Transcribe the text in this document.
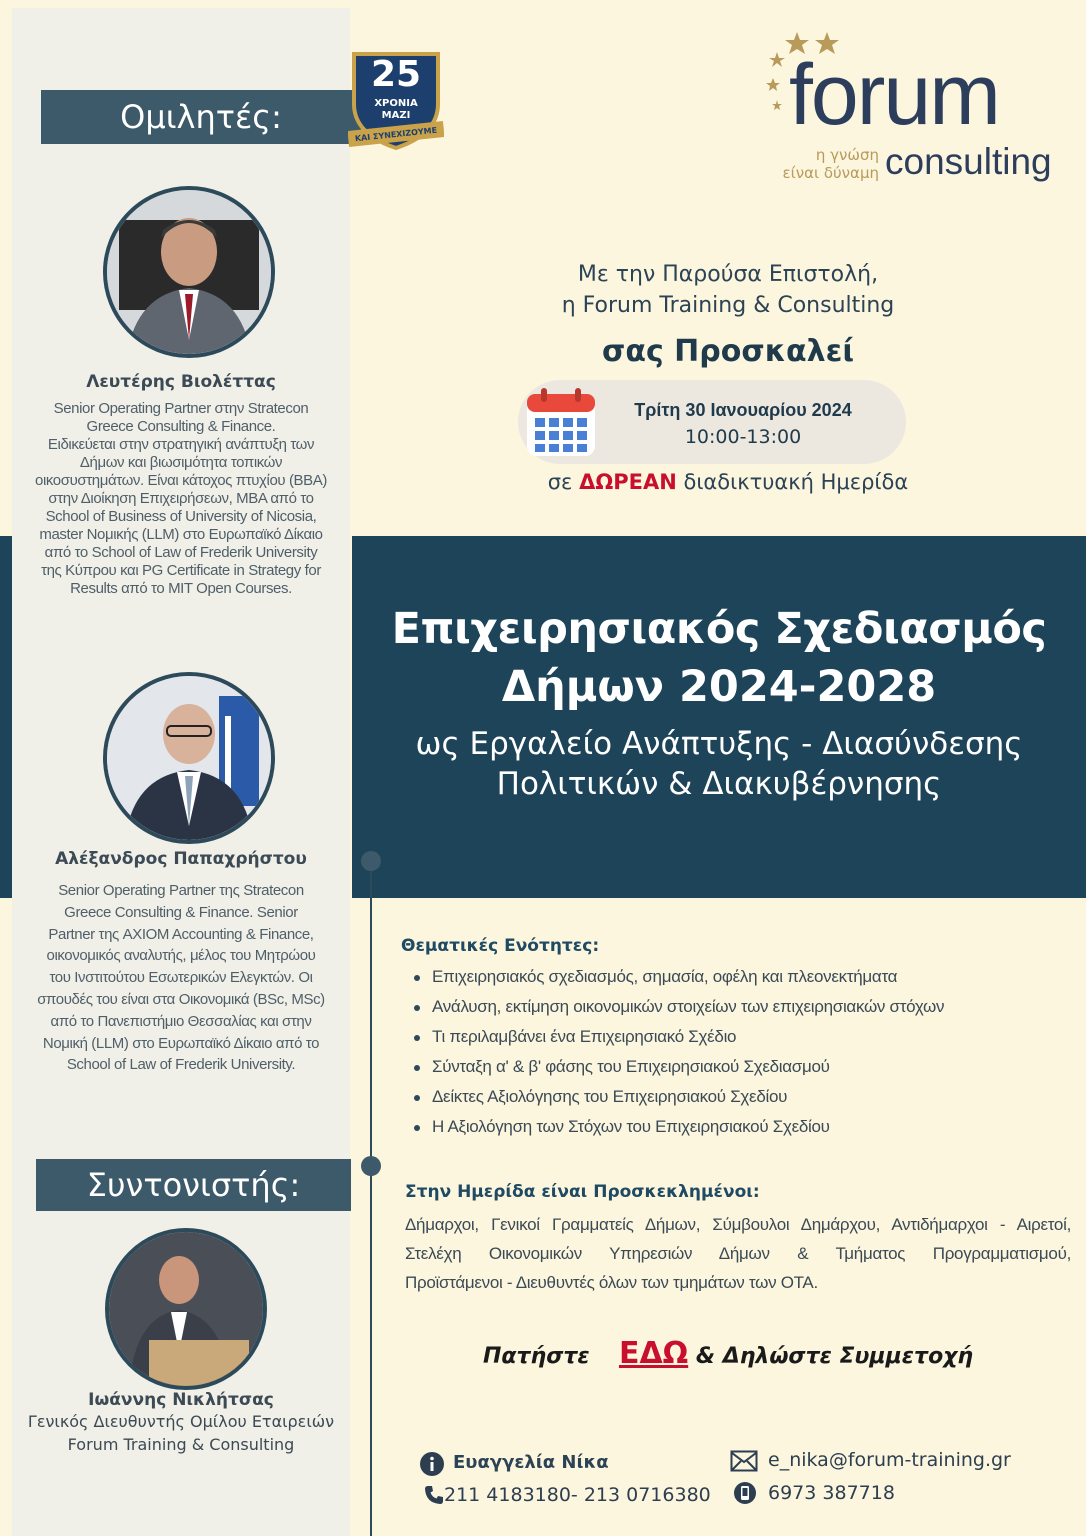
Ομιλητές:
25
ΧΡΟΝΙΑ
ΜΑΖΙ
ΚΑΙ ΣΥΝΕΧΙΖΟΥΜΕ
Λευτέρης Βιολέττας
Senior Operating Partner στην Stratecon
Greece Consulting & Finance.
Ειδικεύεται στην στρατηγική ανάπτυξη των
Δήμων και βιωσιμότητα τοπικών
οικοσυστημάτων. Είναι κάτοχος πτυχίου (BBA)
στην Διοίκηση Επιχειρήσεων, MBA από το
School of Business of University of Nicosia,
master Νομικής (LLM) στο Ευρωπαϊκό Δίκαιο
από το School of Law of Frederik University
της Κύπρου και PG Certificate in Strategy for
Results από το MIT Open Courses.
Αλέξανδρος Παπαχρήστου
Senior Operating Partner της Stratecon
Greece Consulting & Finance. Senior
Partner της AXIOM Accounting & Finance,
οικονομικός αναλυτής, μέλος του Μητρώου
του Ινστιτούτου Εσωτερικών Ελεγκτών. Οι
σπουδές του είναι στα Οικονομικά (BSc, MSc)
από το Πανεπιστήμιο Θεσσαλίας και στην
Νομική (LLM) στο Ευρωπαϊκό Δίκαιο από το
School of Law of Frederik University.
Συντονιστής:
Ιωάννης Νικλήτσας
Γενικός Διευθυντής Ομίλου Εταιρειών
Forum Training & Consulting
forum
consulting
η γνώση
είναι δύναμη
Με την Παρούσα Επιστολή,
η Forum Training & Consulting
σας Προσκαλεί
Τρίτη 30 Ιανουαρίου 2024
10:00-13:00
σε ΔΩΡΕΑΝ διαδικτυακή Ημερίδα
Επιχειρησιακός Σχεδιασμός
Δήμων 2024-2028
ως Εργαλείο Ανάπτυξης - Διασύνδεσης
Πολιτικών & Διακυβέρνησης
Θεματικές Ενότητες:
Επιχειρησιακός σχεδιασμός, σημασία, οφέλη και πλεονεκτήματα
Ανάλυση, εκτίμηση οικονομικών στοιχείων των επιχειρησιακών στόχων
Τι περιλαμβάνει ένα Επιχειρησιακό Σχέδιο
Σύνταξη α' & β' φάσης του Επιχειρησιακού Σχεδιασμού
Δείκτες Αξιολόγησης του Επιχειρησιακού Σχεδίου
Η Αξιολόγηση των Στόχων του Επιχειρησιακού Σχεδίου
Στην Ημερίδα είναι Προσκεκλημένοι:
Δήμαρχοι, Γενικοί Γραμματείς Δήμων, Σύμβουλοι Δημάρχου, Αντιδήμαρχοι - Αιρετοί,
Στελέχη Οικονομικών Υπηρεσιών Δήμων & Τμήματος Προγραμματισμού,
Προϊστάμενοι - Διευθυντές όλων των τμημάτων των ΟΤΑ.
Πατήστε ΕΔΩ & Δηλώστε Συμμετοχή
Ευαγγελία Νίκα
211 4183180- 213 0716380
e_nika@forum-training.gr
6973 387718
